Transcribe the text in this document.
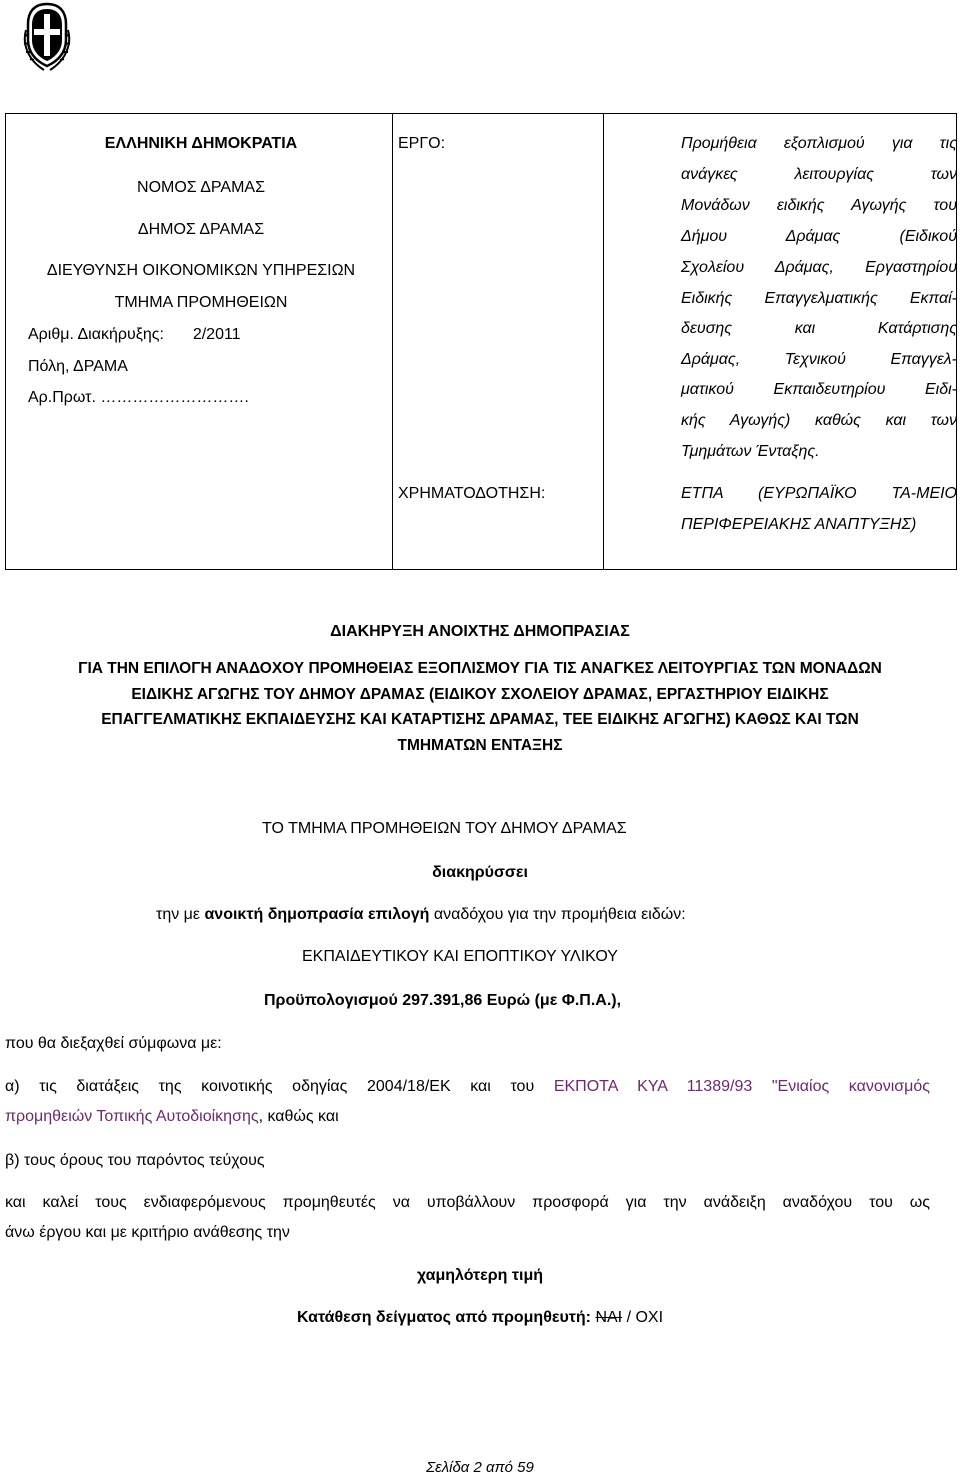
ΕΛΛΗΝΙΚΗ ΔΗΜΟΚΡΑΤΙΑ
ΝΟΜΟΣ ΔΡΑΜΑΣ
ΔΗΜΟΣ ΔΡΑΜΑΣ
ΔΙΕΥΘΥΝΣΗ ΟΙΚΟΝΟΜΙΚΩΝ ΥΠΗΡΕΣΙΩΝ
ΤΜΗΜΑ ΠΡΟΜΗΘΕΙΩΝ
Αριθμ. Διακήρυξης: 2/2011
Πόλη, ΔΡΑΜΑ
Αρ.Πρωτ. ……………………….
ΕΡΓΟ:
ΧΡΗΜΑΤΟΔΟΤΗΣΗ:
Προμήθεια εξοπλισμού για τις
ανάγκες λειτουργίας των
Μονάδων ειδικής Αγωγής του
Δήμου Δράμας (Ειδικού
Σχολείου Δράμας, Εργαστηρίου
Ειδικής Επαγγελματικής Εκπαί-
δευσης και Κατάρτισης
Δράμας, Τεχνικού Επαγγελ-
ματικού Εκπαιδευτηρίου Ειδι-
κής Αγωγής) καθώς και των
Τμημάτων Ένταξης.
ΕΤΠΑ (ΕΥΡΩΠΑΪΚΟ ΤΑ-ΜΕΙΟ
ΠΕΡΙΦΕΡΕΙΑΚΗΣ ΑΝΑΠΤΥΞΗΣ)
ΔΙΑΚΗΡΥΞΗ ΑΝΟΙΧΤΗΣ ΔΗΜΟΠΡΑΣΙΑΣ
ΓΙΑ ΤΗΝ ΕΠΙΛΟΓΗ ΑΝΑΔΟΧΟΥ ΠΡΟΜΗΘΕΙΑΣ ΕΞΟΠΛΙΣΜΟΥ ΓΙΑ ΤΙΣ ΑΝΑΓΚΕΣ ΛΕΙΤΟΥΡΓΙΑΣ ΤΩΝ ΜΟΝΑΔΩΝ
ΕΙΔΙΚΗΣ ΑΓΩΓΗΣ ΤΟΥ ΔΗΜΟΥ ΔΡΑΜΑΣ (ΕΙΔΙΚΟΥ ΣΧΟΛΕΙΟΥ ΔΡΑΜΑΣ, ΕΡΓΑΣΤΗΡΙΟΥ ΕΙΔΙΚΗΣ
ΕΠΑΓΓΕΛΜΑΤΙΚΗΣ ΕΚΠΑΙΔΕΥΣΗΣ ΚΑΙ ΚΑΤΑΡΤΙΣΗΣ ΔΡΑΜΑΣ, ΤΕΕ ΕΙΔΙΚΗΣ ΑΓΩΓΗΣ) ΚΑΘΩΣ ΚΑΙ ΤΩΝ
ΤΜΗΜΑΤΩΝ ΕΝΤΑΞΗΣ
ΤΟ ΤΜΗΜΑ ΠΡΟΜΗΘΕΙΩΝ ΤΟΥ ΔΗΜΟΥ ΔΡΑΜΑΣ
διακηρύσσει
την με ανοικτή δημοπρασία επιλογή αναδόχου για την προμήθεια ειδών:
ΕΚΠΑΙΔΕΥΤΙΚΟΥ ΚΑΙ ΕΠΟΠΤΙΚΟΥ ΥΛΙΚΟΥ
Προϋπολογισμού 297.391,86 Ευρώ (με Φ.Π.Α.),
που θα διεξαχθεί σύμφωνα με:
α) τις διατάξεις της κοινοτικής οδηγίας 2004/18/ΕΚ και του ΕΚΠΟΤΑ ΚΥΑ 11389/93 "Ενιαίος κανονισμός
προμηθειών Τοπικής Αυτοδιοίκησης, καθώς και
β) τους όρους του παρόντος τεύχους
και καλεί τους ενδιαφερόμενους προμηθευτές να υποβάλλουν προσφορά για την ανάδειξη αναδόχου του ως
άνω έργου και με κριτήριο ανάθεσης την
χαμηλότερη τιμή
Κατάθεση δείγματος από προμηθευτή: ΝΑΙ / ΟΧΙ
Σελίδα 2 από 59
